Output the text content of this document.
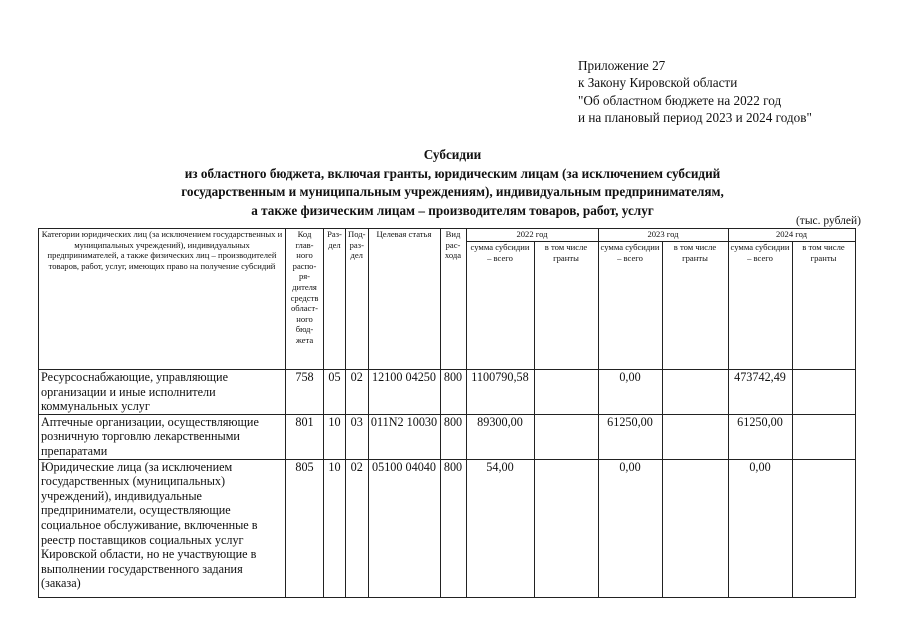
Приложение 27
к Закону Кировской области
"Об областном бюджете на 2022 год
и на плановый период 2023 и 2024 годов"
Субсидии
из областного бюджета, включая гранты, юридическим лицам (за исключением субсидий
государственным и муниципальным учреждениям), индивидуальным предпринимателям,
а также физическим лицам – производителям товаров, работ, услуг
(тыс. рублей)
Категории юридических лиц (за исключением государственных и муниципальных учреждений), индивидуальных предпринимателей, а также физических лиц – производителей товаров, работ, услуг, имеющих право на получение субсидий	Код глав-ного распо-ря-дителя средств област-ного бюд-жета	Раз-дел	Под-раз-дел	Целевая статья	Вид рас-хода	2022 год		2023 год		2024 год	
						сумма субсидии – всего	в том числе гранты	сумма субсидии – всего	в том числе гранты	сумма субсидии – всего	в том числе гранты
Ресурсоснабжающие, управляющие организации и иные исполнители коммунальных услуг	758	05	02	12100 04250	800	1100790,58		0,00		473742,49	
Аптечные организации, осуществляющие розничную торговлю лекарственными препаратами	801	10	03	011N2 10030	800	89300,00		61250,00		61250,00	
Юридические лица (за исключением государственных (муниципальных) учреждений), индивидуальные предприниматели, осуществляющие социальное обслуживание, включенные в реестр поставщиков социальных услуг Кировской области, но не участвующие в выполнении государственного задания (заказа)	805	10	02	05100 04040	800	54,00		0,00		0,00	
